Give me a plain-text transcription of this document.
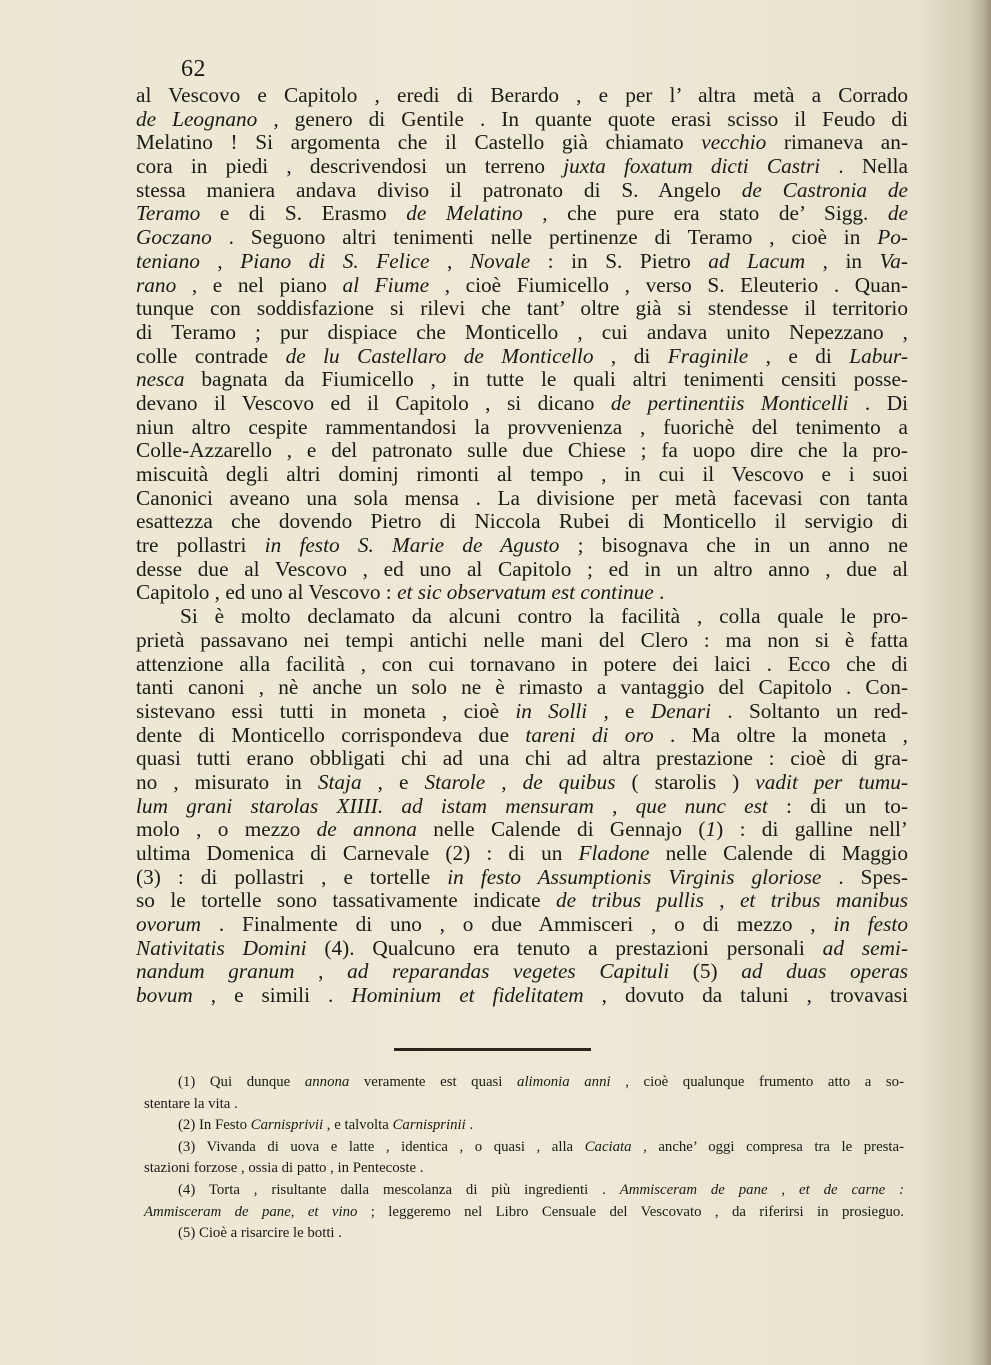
62
al Vescovo e Capitolo , eredi di Berardo , e per l’ altra metà a Corrado
de Leognano , genero di Gentile . In quante quote erasi scisso il Feudo di
Melatino ! Si argomenta che il Castello già chiamato vecchio rimaneva an-
cora in piedi , descrivendosi un terreno juxta foxatum dicti Castri . Nella
stessa maniera andava diviso il patronato di S. Angelo de Castronia de
Teramo e di S. Erasmo de Melatino , che pure era stato de’ Sigg. de
Goczano . Seguono altri tenimenti nelle pertinenze di Teramo , cioè in Po-
teniano , Piano di S. Felice , Novale : in S. Pietro ad Lacum , in Va-
rano , e nel piano al Fiume , cioè Fiumicello , verso S. Eleuterio . Quan-
tunque con soddisfazione si rilevi che tant’ oltre già si stendesse il territorio
di Teramo ; pur dispiace che Monticello , cui andava unito Nepezzano ,
colle contrade de lu Castellaro de Monticello , di Fraginile , e di Labur-
nesca bagnata da Fiumicello , in tutte le quali altri tenimenti censiti posse-
devano il Vescovo ed il Capitolo , si dicano de pertinentiis Monticelli . Di
niun altro cespite rammentandosi la provvenienza , fuorichè del tenimento a
Colle-Azzarello , e del patronato sulle due Chiese ; fa uopo dire che la pro-
miscuità degli altri dominj rimonti al tempo , in cui il Vescovo e i suoi
Canonici aveano una sola mensa . La divisione per metà facevasi con tanta
esattezza che dovendo Pietro di Niccola Rubei di Monticello il servigio di
tre pollastri in festo S. Marie de Agusto ; bisognava che in un anno ne
desse due al Vescovo , ed uno al Capitolo ; ed in un altro anno , due al
Capitolo , ed uno al Vescovo : et sic observatum est continue .
Si è molto declamato da alcuni contro la facilità , colla quale le pro-
prietà passavano nei tempi antichi nelle mani del Clero : ma non si è fatta
attenzione alla facilità , con cui tornavano in potere dei laici . Ecco che di
tanti canoni , nè anche un solo ne è rimasto a vantaggio del Capitolo . Con-
sistevano essi tutti in moneta , cioè in Solli , e Denari . Soltanto un red-
dente di Monticello corrispondeva due tareni di oro . Ma oltre la moneta ,
quasi tutti erano obbligati chi ad una chi ad altra prestazione : cioè di gra-
no , misurato in Staja , e Starole , de quibus ( starolis ) vadit per tumu-
lum grani starolas XIIII. ad istam mensuram , que nunc est : di un to-
molo , o mezzo de annona nelle Calende di Gennajo (1) : di galline nell’
ultima Domenica di Carnevale (2) : di un Fladone nelle Calende di Maggio
(3) : di pollastri , e tortelle in festo Assumptionis Virginis gloriose . Spes-
so le tortelle sono tassativamente indicate de tribus pullis , et tribus manibus
ovorum . Finalmente di uno , o due Ammisceri , o di mezzo , in festo
Nativitatis Domini (4). Qualcuno era tenuto a prestazioni personali ad semi-
nandum granum , ad reparandas vegetes Capituli (5) ad duas operas
bovum , e simili . Hominium et fidelitatem , dovuto da taluni , trovavasi
(1) Qui dunque annona veramente est quasi alimonia anni , cioè qualunque frumento atto a so-
stentare la vita .
(2) In Festo Carnisprivii , e talvolta Carnisprinii .
(3) Vivanda di uova e latte , identica , o quasi , alla Caciata , anche’ oggi compresa tra le presta-
stazioni forzose , ossia di patto , in Pentecoste .
(4) Torta , risultante dalla mescolanza di più ingredienti . Ammisceram de pane , et de carne :
Ammisceram de pane, et vino ; leggeremo nel Libro Censuale del Vescovato , da riferirsi in prosieguo.
(5) Cioè a risarcire le botti .
